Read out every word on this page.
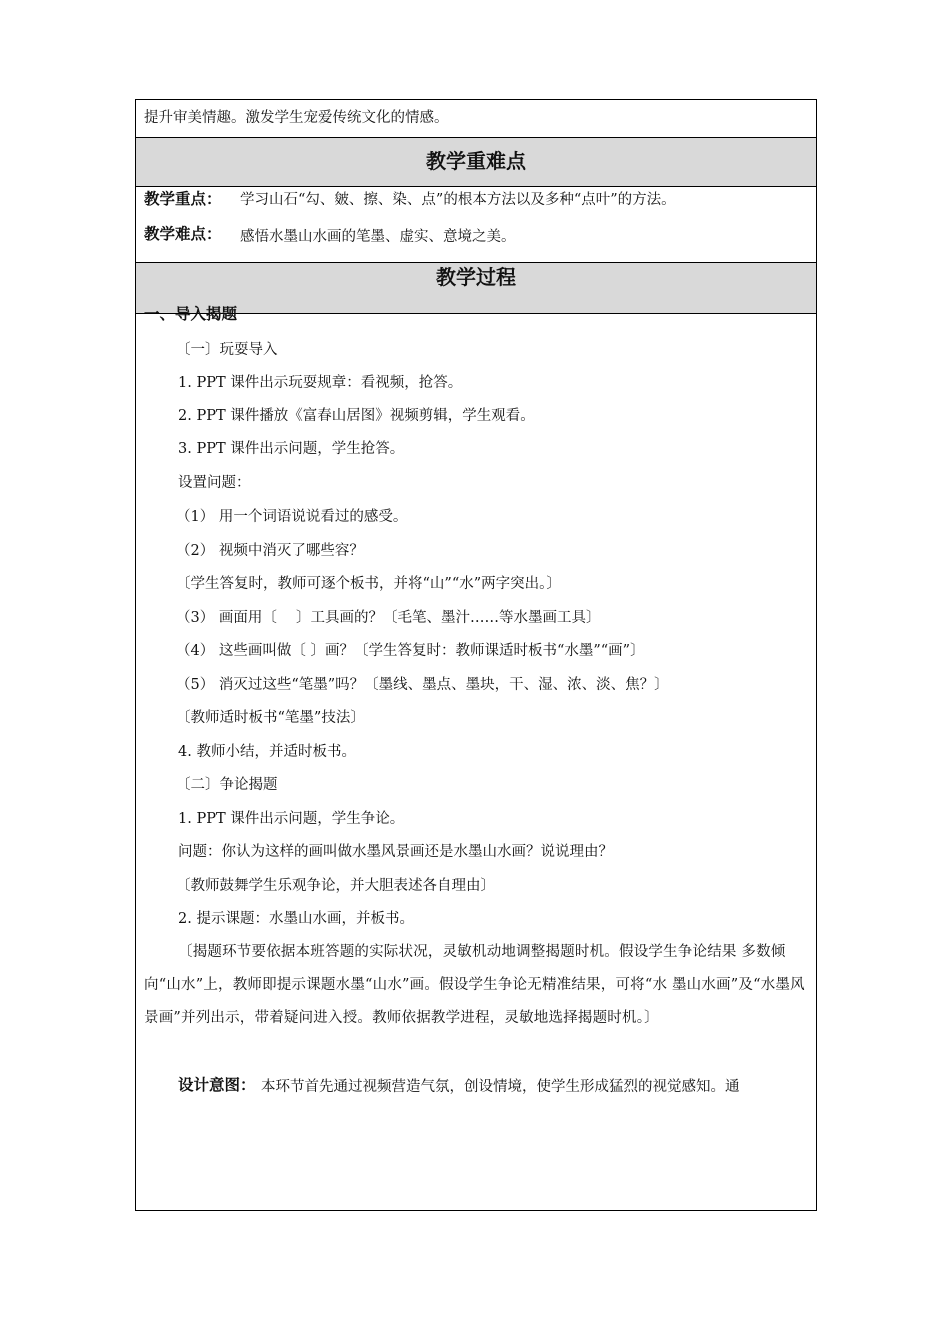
提升审美情趣。激发学生宠爱传统文化的情感。
教学重难点
教学重点： 学习山石“勾、皴、擦、染、点”的根本方法以及多种“点叶”的方法。
教学难点： 感悟水墨山水画的笔墨、虚实、意境之美。
教学过程
一、导入揭题
〔一〕玩耍导入
1. PPT 课件出示玩耍规章：看视频，抢答。
2. PPT 课件播放《富春山居图》视频剪辑，学生观看。
3. PPT 课件出示问题，学生抢答。
设置问题：
（1） 用一个词语说说看过的感受。
（2） 视频中消灭了哪些容？
〔学生答复时，教师可逐个板书，并将“山”“水”两字突出。〕
（3） 画面用〔　 〕工具画的？〔毛笔、墨汁……等水墨画工具〕
（4） 这些画叫做〔 〕画？〔学生答复时：教师课适时板书“水墨”“画”〕
（5） 消灭过这些“笔墨”吗？〔墨线、墨点、墨块，干、湿、浓、淡、焦？〕
〔教师适时板书“笔墨”技法〕
4. 教师小结，并适时板书。
〔二〕争论揭题
1. PPT 课件出示问题，学生争论。
问题：你认为这样的画叫做水墨风景画还是水墨山水画？说说理由？
〔教师鼓舞学生乐观争论，并大胆表述各自理由〕
2. 提示课题：水墨山水画，并板书。
〔揭题环节要依据本班答题的实际状况，灵敏机动地调整揭题时机。假设学生争论结果 多数倾向“山水”上，教师即提示课题水墨“山水”画。假设学生争论无精准结果，可将“水 墨山水画”及“水墨风景画”并列出示，带着疑问进入授。教师依据教学进程，灵敏地选择揭题时机。〕
设计意图： 本环节首先通过视频营造气氛，创设情境，使学生形成猛烈的视觉感知。通
